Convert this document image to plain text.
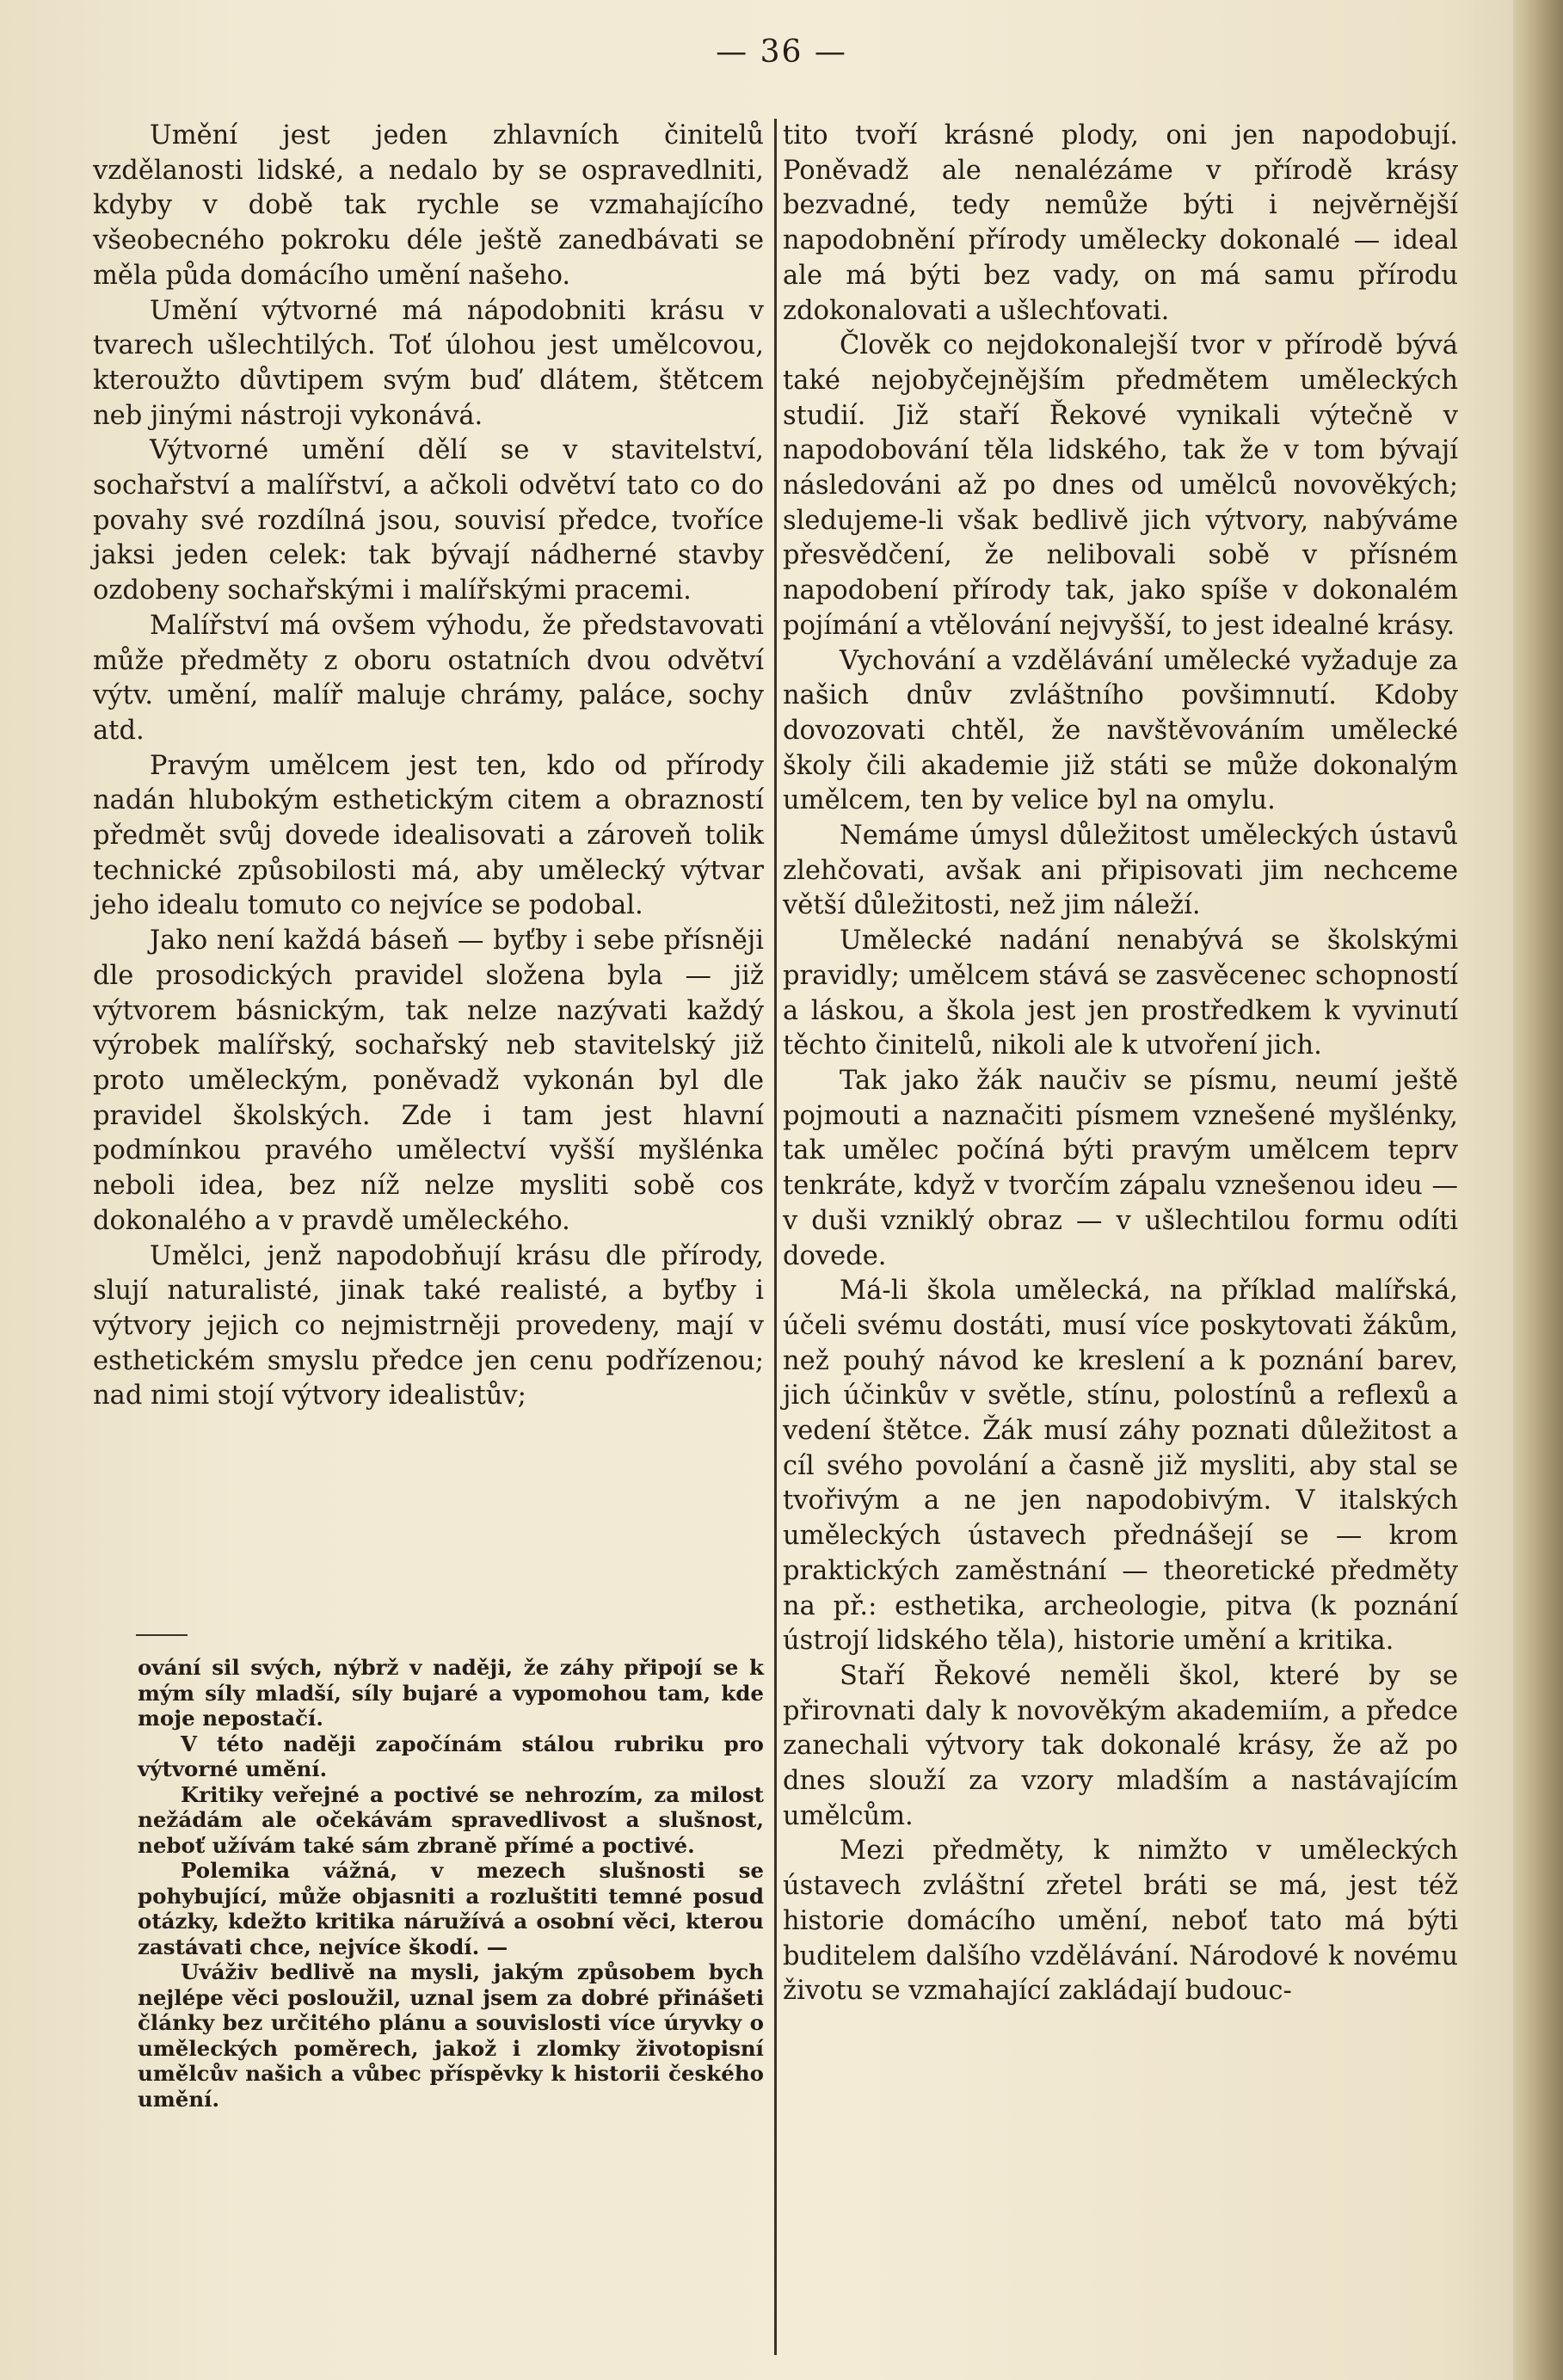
— 36 —

Umění jest jeden zhlavních činitelů vzdělanosti lidské, a nedalo by se ospravedlniti, kdyby v době tak rychle se vzmahajícího všeobecného pokroku déle ještě zanedbávati se měla půda domácího umění našeho.

Umění výtvorné má nápodobniti krásu v tvarech ušlechtilých. Toť úlohou jest umělcovou, kteroužto důvtipem svým buď dlátem, štětcem neb jinými nástroji vykonává.

Výtvorné umění dělí se v stavitelství, sochařství a malířství, a ačkoli odvětví tato co do povahy své rozdílná jsou, souvisí předce, tvoříce jaksi jeden celek: tak bývají nádherné stavby ozdobeny sochařskými i malířskými pracemi.

Malířství má ovšem výhodu, že představovati může předměty z oboru ostatních dvou odvětví výtv. umění, malíř maluje chrámy, paláce, sochy atd.

Pravým umělcem jest ten, kdo od přírody nadán hlubokým esthetickým citem a obrazností předmět svůj dovede idealisovati a zároveň tolik technické způsobilosti má, aby umělecký výtvar jeho idealu tomuto co nejvíce se podobal.

Jako není každá báseň — byťby i sebe přísněji dle prosodických pravidel složena byla — již výtvorem básnickým, tak nelze nazývati každý výrobek malířský, sochařský neb stavitelský již proto uměleckým, poněvadž vykonán byl dle pravidel školských. Zde i tam jest hlavní podmínkou pravého umělectví vyšší myšlénka neboli idea, bez níž nelze mysliti sobě cos dokonalého a v pravdě uměleckého.

Umělci, jenž napodobňují krásu dle přírody, slují naturalisté, jinak také realisté, a byťby i výtvory jejich co nejmistrněji provedeny, mají v esthetickém smyslu předce jen cenu podřízenou; nad nimi stojí výtvory idealistův;

ování sil svých, nýbrž v naději, že záhy připojí se k mým síly mladší, síly bujaré a vypomohou tam, kde moje nepostačí.

V této naději započínám stálou rubriku pro výtvorné umění.

Kritiky veřejné a poctivé se nehrozím, za milost nežádám ale očekávám spravedlivost a slušnost, neboť užívám také sám zbraně přímé a poctivé.

Polemika vážná, v mezech slušnosti se pohybující, může objasniti a rozluštiti temné posud otázky, kdežto kritika náružívá a osobní věci, kterou zastávati chce, nejvíce škodí. —

Uváživ bedlivě na mysli, jakým způsobem bych nejlépe věci posloužil, uznal jsem za dobré přinášeti články bez určitého plánu a souvislosti více úryvky o uměleckých poměrech, jakož i zlomky životopisní umělcův našich a vůbec příspěvky k historii českého umění.

tito tvoří krásné plody, oni jen napodobují. Poněvadž ale nenalézáme v přírodě krásy bezvadné, tedy nemůže býti i nejvěrnější napodobnění přírody umělecky dokonalé — ideal ale má býti bez vady, on má samu přírodu zdokonalovati a ušlechťovati.

Člověk co nejdokonalejší tvor v přírodě bývá také nejobyčejnějším předmětem uměleckých studií. Již staří Řekové vynikali výtečně v napodobování těla lidského, tak že v tom bývají následováni až po dnes od umělců novověkých; sledujeme-li však bedlivě jich výtvory, nabýváme přesvědčení, že nelibovali sobě v přísném napodobení přírody tak, jako spíše v dokonalém pojímání a vtělování nejvyšší, to jest idealné krásy.

Vychování a vzdělávání umělecké vyžaduje za našich dnův zvláštního povšimnutí. Kdoby dovozovati chtěl, že navštěvováním umělecké školy čili akademie již státi se může dokonalým umělcem, ten by velice byl na omylu.

Nemáme úmysl důležitost uměleckých ústavů zlehčovati, avšak ani připisovati jim nechceme větší důležitosti, než jim náleží.

Umělecké nadání nenabývá se školskými pravidly; umělcem stává se zasvěcenec schopností a láskou, a škola jest jen prostředkem k vyvinutí těchto činitelů, nikoli ale k utvoření jich.

Tak jako žák naučiv se písmu, neumí ještě pojmouti a naznačiti písmem vznešené myšlénky, tak umělec počíná býti pravým umělcem teprv tenkráte, když v tvorčím zápalu vznešenou ideu — v duši vzniklý obraz — v ušlechtilou formu odíti dovede.

Má-li škola umělecká, na příklad malířská, účeli svému dostáti, musí více poskytovati žákům, než pouhý návod ke kreslení a k poznání barev, jich účinkův v světle, stínu, polostínů a reflexů a vedení štětce. Žák musí záhy poznati důležitost a cíl svého povolání a časně již mysliti, aby stal se tvořivým a ne jen napodobivým. V italských uměleckých ústavech přednášejí se — krom praktických zaměstnání — theoretické předměty na př.: esthetika, archeologie, pitva (k poznání ústrojí lidského těla), historie umění a kritika.

Staří Řekové neměli škol, které by se přirovnati daly k novověkým akademiím, a předce zanechali výtvory tak dokonalé krásy, že až po dnes slouží za vzory mladším a nastávajícím umělcům.

Mezi předměty, k nimžto v uměleckých ústavech zvláštní zřetel bráti se má, jest též historie domácího umění, neboť tato má býti buditelem dalšího vzdělávání. Národové k novému životu se vzmahající zakládají budouc-
